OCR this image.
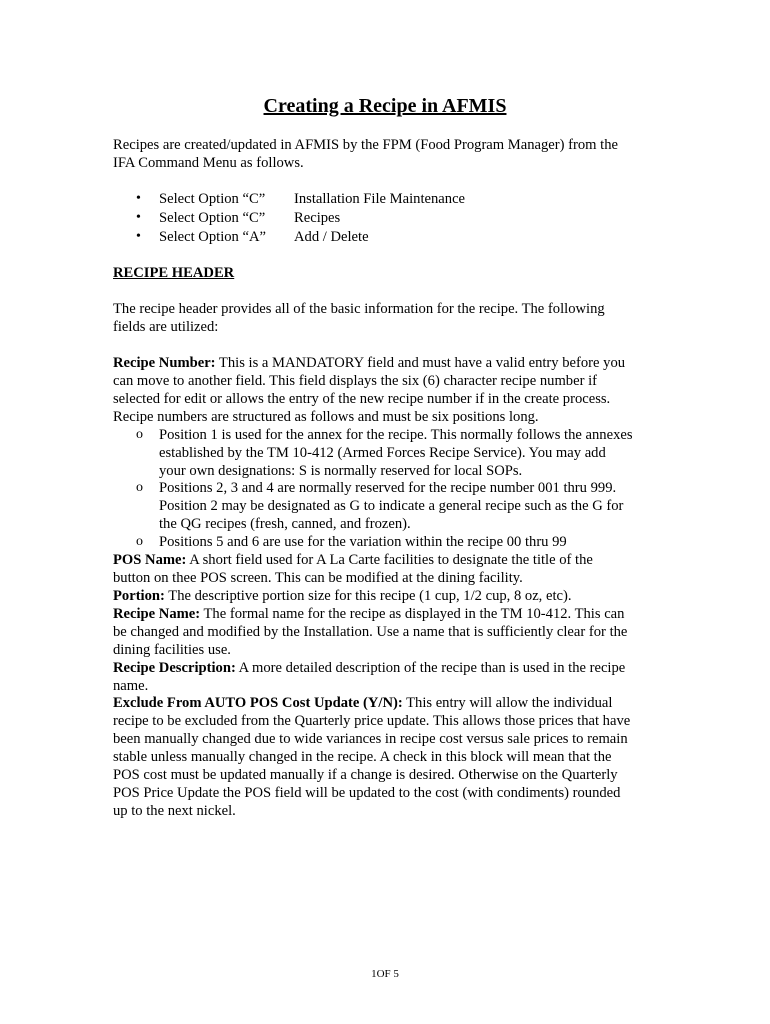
Creating a Recipe in AFMIS
Recipes are created/updated in AFMIS by the FPM (Food Program Manager) from the
IFA Command Menu as follows.
• Select Option “C” Installation File Maintenance
• Select Option “C” Recipes
• Select Option “A” Add / Delete
RECIPE HEADER
The recipe header provides all of the basic information for the recipe. The following
fields are utilized:
Recipe Number: This is a MANDATORY field and must have a valid entry before you
can move to another field. This field displays the six (6) character recipe number if
selected for edit or allows the entry of the new recipe number if in the create process.
Recipe numbers are structured as follows and must be six positions long.
o Position 1 is used for the annex for the recipe. This normally follows the annexes
established by the TM 10-412 (Armed Forces Recipe Service). You may add
your own designations: S is normally reserved for local SOPs.
o Positions 2, 3 and 4 are normally reserved for the recipe number 001 thru 999.
Position 2 may be designated as G to indicate a general recipe such as the G for
the QG recipes (fresh, canned, and frozen).
o Positions 5 and 6 are use for the variation within the recipe 00 thru 99
POS Name: A short field used for A La Carte facilities to designate the title of the
button on thee POS screen. This can be modified at the dining facility.
Portion: The descriptive portion size for this recipe (1 cup, 1/2 cup, 8 oz, etc).
Recipe Name: The formal name for the recipe as displayed in the TM 10-412. This can
be changed and modified by the Installation. Use a name that is sufficiently clear for the
dining facilities use.
Recipe Description: A more detailed description of the recipe than is used in the recipe
name.
Exclude From AUTO POS Cost Update (Y/N): This entry will allow the individual
recipe to be excluded from the Quarterly price update. This allows those prices that have
been manually changed due to wide variances in recipe cost versus sale prices to remain
stable unless manually changed in the recipe. A check in this block will mean that the
POS cost must be updated manually if a change is desired. Otherwise on the Quarterly
POS Price Update the POS field will be updated to the cost (with condiments) rounded
up to the next nickel.
1OF 5
